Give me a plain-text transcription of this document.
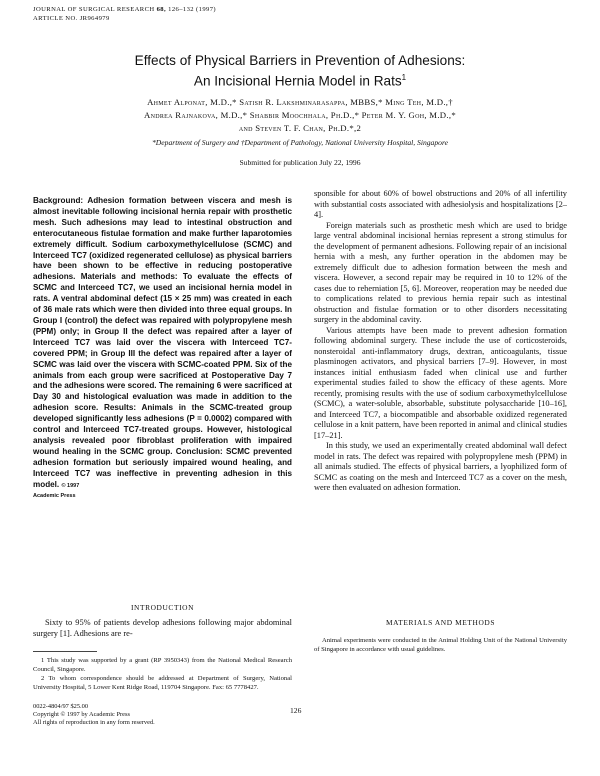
JOURNAL OF SURGICAL RESEARCH 68, 126–132 (1997)
ARTICLE NO. JR964979
Effects of Physical Barriers in Prevention of Adhesions:
An Incisional Hernia Model in Rats$^1$
Ahmet Alponat, M.D.,* Satish R. Lakshminarasappa, MBBS,* Ming Teh, M.D.,†
Andrea Rajnakova, M.D.,* Shabbir Moochhala, Ph.D.,* Peter M. Y. Goh, M.D.,*
and Steven T. F. Chan, Ph.D.*,2
*Department of Surgery and †Department of Pathology, National University Hospital, Singapore
Submitted for publication July 22, 1996
Background: Adhesion formation between viscera and mesh is almost inevitable following incisional hernia repair with prosthetic mesh. Such adhesions may lead to intestinal obstruction and enterocutaneous fistulae formation and make further laparotomies extremely difficult. Sodium carboxymethylcellulose (SCMC) and Interceed TC7 (oxidized regenerated cellulose) as physical barriers have been shown to be effective in reducing postoperative adhesions. Materials and methods: To evaluate the effects of SCMC and Interceed TC7, we used an incisional hernia model in rats. A ventral abdominal defect (15 × 25 mm) was created in each of 36 male rats which were then divided into three equal groups. In Group I (control) the defect was repaired with polypropylene mesh (PPM) only; in Group II the defect was repaired after a layer of Interceed TC7 was laid over the viscera with Interceed TC7-covered PPM; in Group III the defect was repaired after a layer of SCMC was laid over the viscera with SCMC-coated PPM. Six of the animals from each group were sacrificed at Postoperative Day 7 and the adhesions were scored. The remaining 6 were sacrificed at Day 30 and histological evaluation was made in addition to the adhesion score. Results: Animals in the SCMC-treated group developed significantly less adhesions (P = 0.0002) compared with control and Interceed TC7-treated groups. However, histological analysis revealed poor fibroblast proliferation with impaired wound healing in the SCMC group. Conclusion: SCMC prevented adhesion formation but seriously impaired wound healing, and Interceed TC7 was ineffective in preventing adhesion in this model. © 1997
Academic Press
INTRODUCTION

Sixty to 95% of patients develop adhesions following major abdominal surgery [1]. Adhesions are re-

1 This study was supported by a grant (RP 3950343) from the National Medical Research Council, Singapore.

2 To whom correspondence should be addressed at Department of Surgery, National University Hospital, 5 Lower Kent Ridge Road, 119704 Singapore. Fax: 65 7778427.

0022-4804/97 $25.00
Copyright © 1997 by Academic Press
All rights of reproduction in any form reserved.
126

sponsible for about 60% of bowel obstructions and 20% of all infertility with substantial costs associated with adhesiolysis and hospitalizations [2–4].

Foreign materials such as prosthetic mesh which are used to bridge large ventral abdominal incisional hernias represent a strong stimulus for the development of permanent adhesions. Following repair of an incisional hernia with a mesh, any further operation in the abdomen may be extremely difficult due to adhesion formation between the mesh and viscera. However, a second repair may be required in 10 to 12% of the cases due to reherniation [5, 6]. Moreover, reoperation may be needed due to complications related to previous hernia repair such as intestinal obstruction and fistulae formation or to other disorders necessitating surgery in the abdominal cavity.

Various attempts have been made to prevent adhesion formation following abdominal surgery. These include the use of corticosteroids, nonsteroidal anti-inflammatory drugs, dextran, anticoagulants, tissue plasminogen activators, and physical barriers [7–9]. However, in most instances initial enthusiasm faded when clinical use and further experimental studies failed to show the efficacy of these agents. More recently, promising results with the use of sodium carboxymethylcellulose (SCMC), a water-soluble, absorbable, substitute polysaccharide [10–16], and Interceed TC7, a biocompatible and absorbable oxidized regenerated cellulose in a knit pattern, have been reported in animal and clinical studies [17–21].

In this study, we used an experimentally created abdominal wall defect model in rats. The defect was repaired with polypropylene mesh (PPM) in all animals studied. The effects of physical barriers, a lyophilized form of SCMC as coating on the mesh and Interceed TC7 as a cover on the mesh, were then evaluated on adhesion formation.

MATERIALS AND METHODS

Animal experiments were conducted in the Animal Holding Unit of the National University of Singapore in accordance with usual guidelines.
